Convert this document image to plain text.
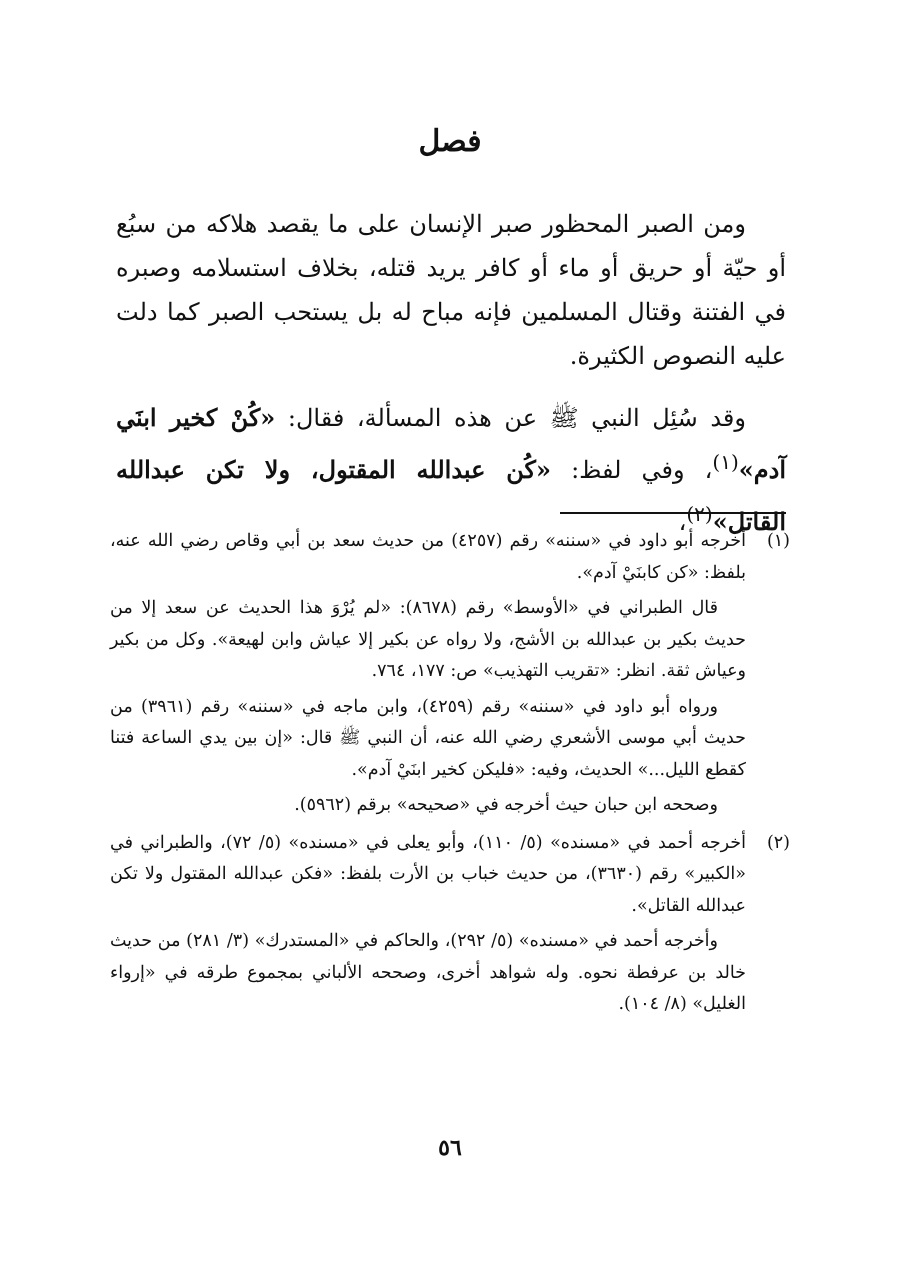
فصل

ومن الصبر المحظور صبر الإنسان على ما يقصد هلاكه من سبُع أو حيّة أو حريق أو ماء أو كافر يريد قتله، بخلاف استسلامه وصبره في الفتنة وقتال المسلمين فإنه مباح له بل يستحب الصبر كما دلت عليه النصوص الكثيرة.

وقد سُئِل النبي ﷺ عن هذه المسألة، فقال: «كُنْ كخير ابنَي آدم»$^{(١)}$، وفي لفظ: «كُن عبدالله المقتول، ولا تكن عبدالله القاتل»$^{(٢)}$،

(١)

أخرجه أبو داود في «سننه» رقم (٤٢٥٧) من حديث سعد بن أبي وقاص رضي الله عنه، بلفظ: «كن كابنَيْ آدم».

قال الطبراني في «الأوسط» رقم (٨٦٧٨): «لم يُرْوَ هذا الحديث عن سعد إلا من حديث بكير بن عبدالله بن الأشج، ولا رواه عن بكير إلا عياش وابن لهيعة». وكل من بكير وعياش ثقة. انظر: «تقريب التهذيب» ص: ١٧٧، ٧٦٤.

ورواه أبو داود في «سننه» رقم (٤٢٥٩)، وابن ماجه في «سننه» رقم (٣٩٦١) من حديث أبي موسى الأشعري رضي الله عنه، أن النبي ﷺ قال: «إن بين يدي الساعة فتنا كقطع الليل...» الحديث، وفيه: «فليكن كخير ابنَيْ آدم».

وصححه ابن حبان حيث أخرجه في «صحيحه» برقم (٥٩٦٢).

(٢)

أخرجه أحمد في «مسنده» (٥/ ١١٠)، وأبو يعلى في «مسنده» (٥/ ٧٢)، والطبراني في «الكبير» رقم (٣٦٣٠)، من حديث خباب بن الأرت بلفظ: «فكن عبدالله المقتول ولا تكن عبدالله القاتل».

وأخرجه أحمد في «مسنده» (٥/ ٢٩٢)، والحاكم في «المستدرك» (٣/ ٢٨١) من حديث خالد بن عرفطة نحوه. وله شواهد أخرى، وصححه الألباني بمجموع طرقه في «إرواء الغليل» (٨/ ١٠٤).

٥٦
